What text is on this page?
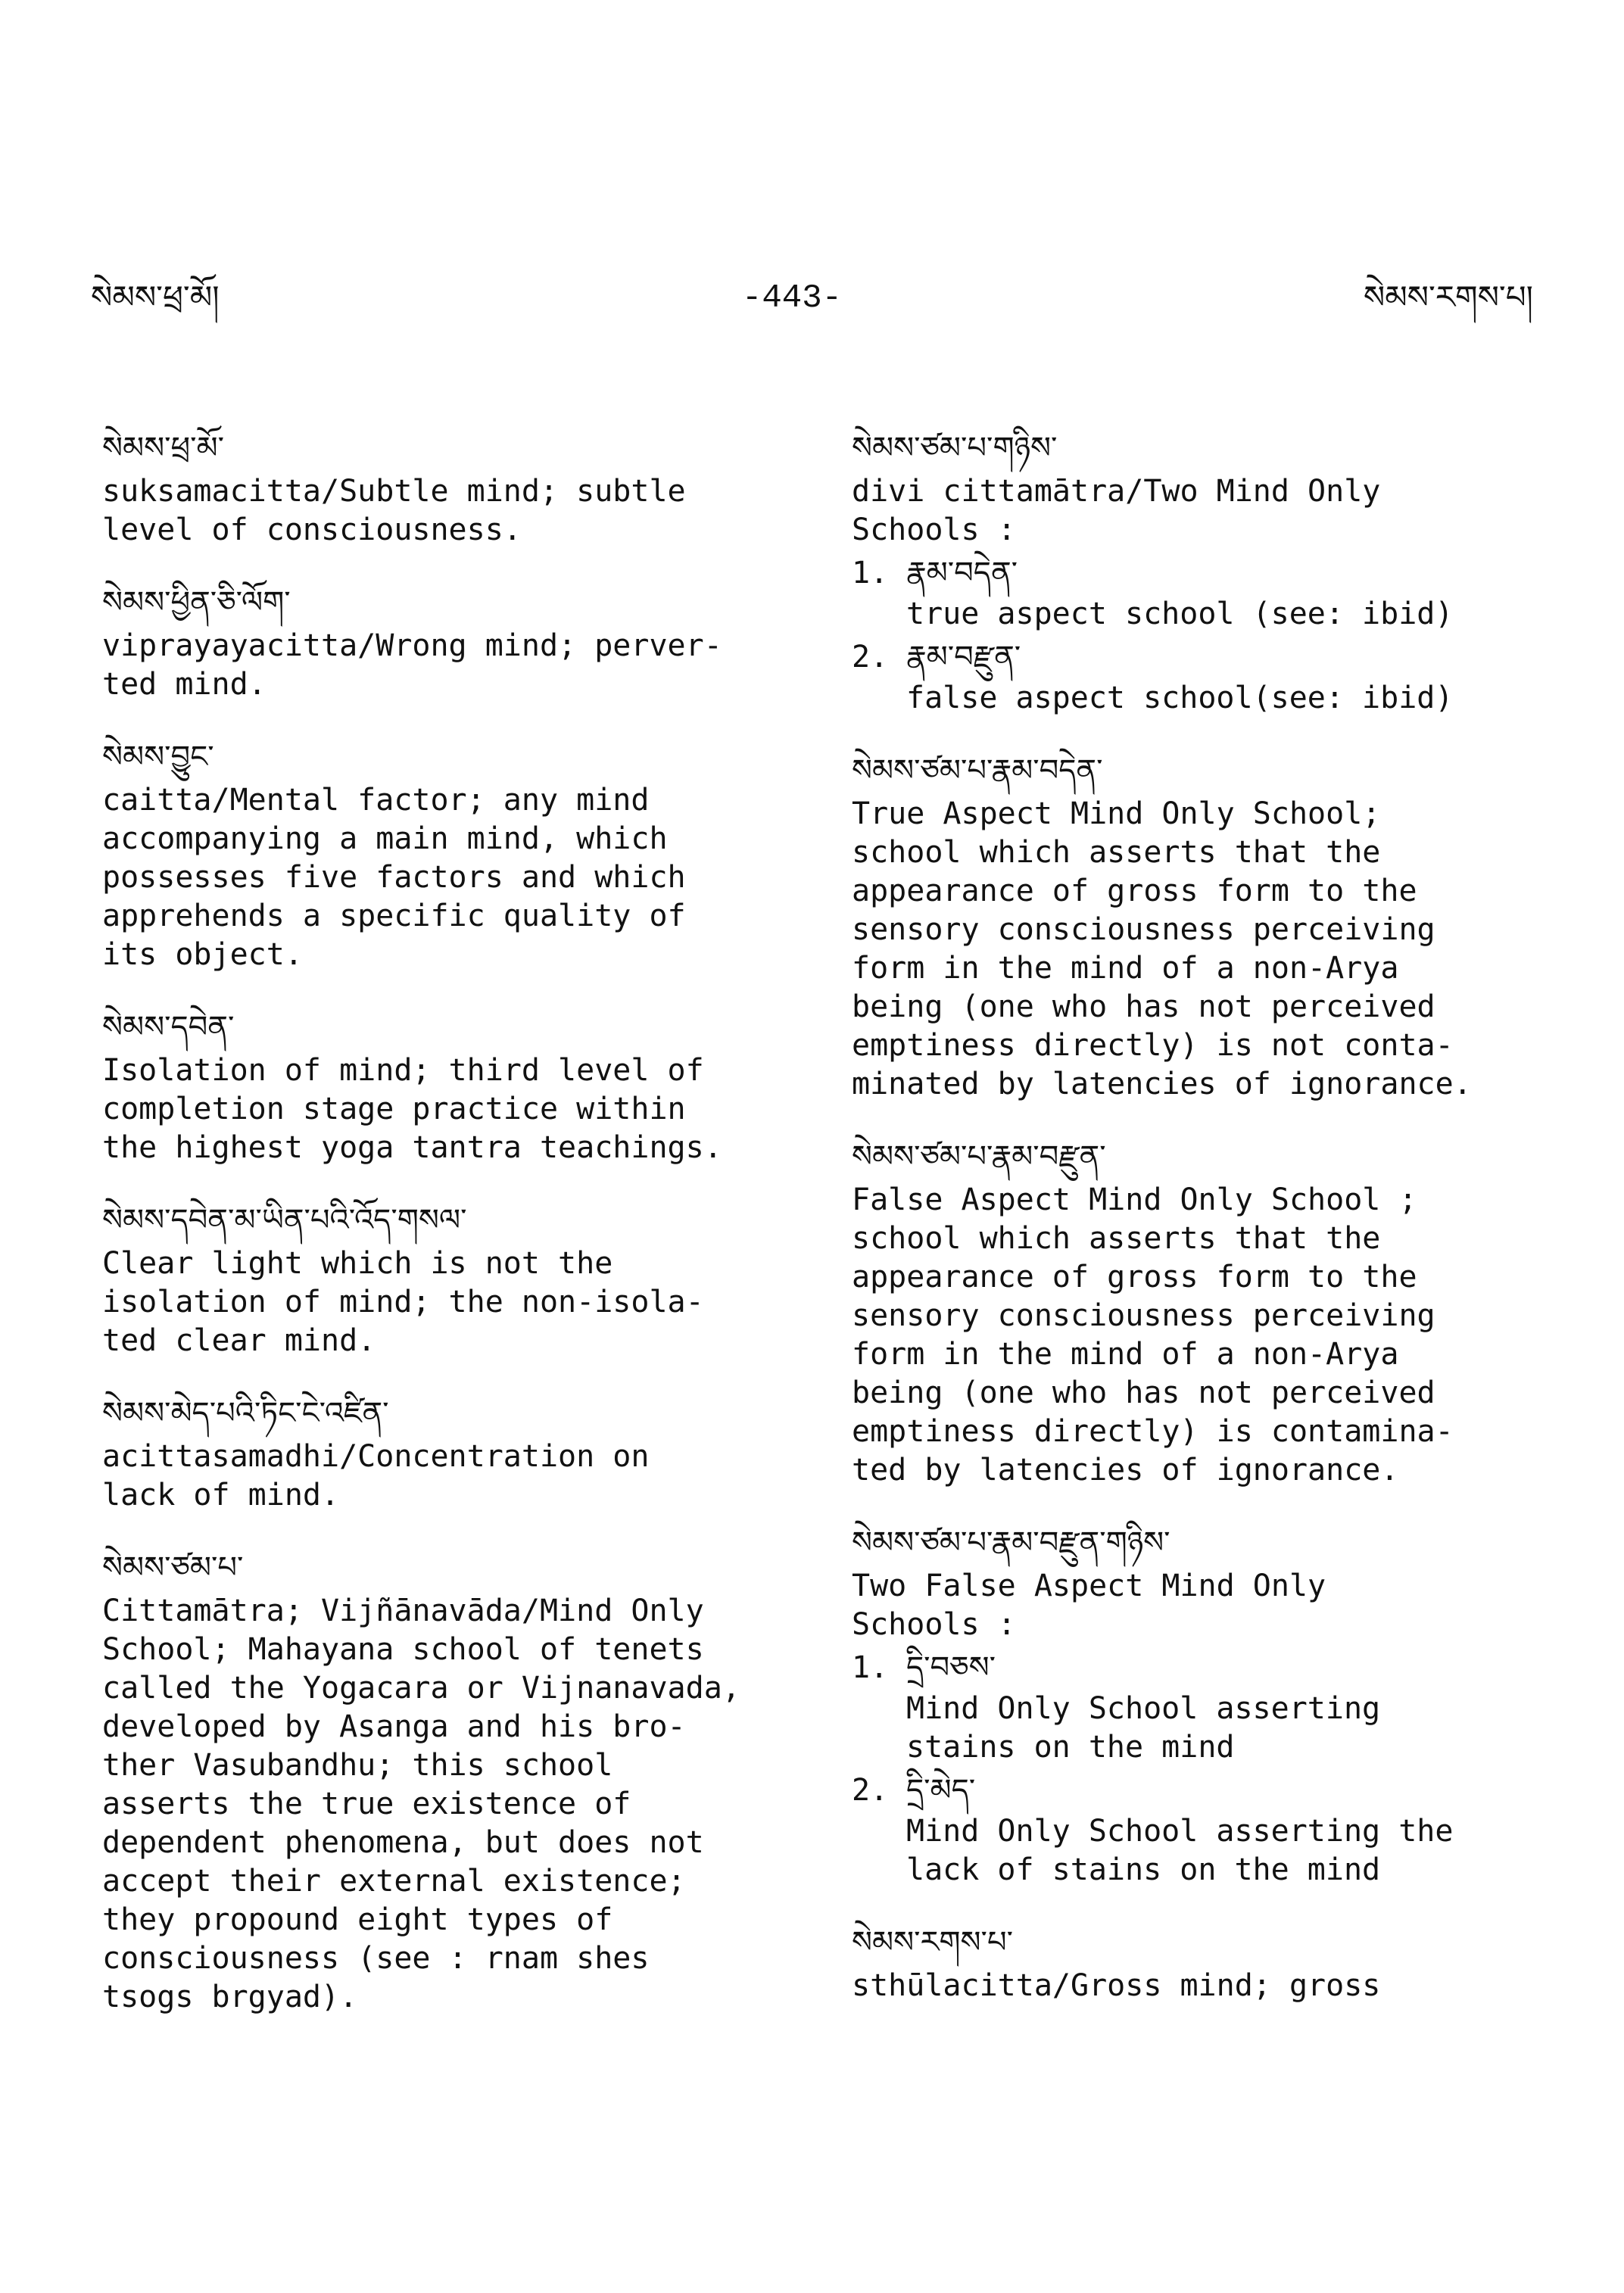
སེམས་ཕྲ་མོ།	-443-	སེམས་རགས་པ།
སེམས་ཕྲ་མོ་
suksamacitta/Subtle mind; subtle
level of consciousness.
སེམས་ཕྱིན་ཅི་ལོག་
viprayayacitta/Wrong mind; perver-
ted mind.
སེམས་བྱུང་
caitta/Mental factor; any mind
accompanying a main mind, which
possesses five factors and which
apprehends a specific quality of
its object.
སེམས་དབེན་
Isolation of mind; third level of
completion stage practice within
the highest yoga tantra teachings.
སེམས་དབེན་མ་ཡིན་པའི་འོད་གསལ་
Clear light which is not the
isolation of mind; the non-isola-
ted clear mind.
སེམས་མེད་པའི་ཏིང་ངེ་འཛིན་
acittasamadhi/Concentration on
lack of mind.
སེམས་ཙམ་པ་
Cittamātra; Vijñānavāda/Mind Only
School; Mahayana school of tenets
called the Yogacara or Vijnanavada,
developed by Asanga and his bro-
ther Vasubandhu; this school
asserts the true existence of
dependent phenomena, but does not
accept their external existence;
they propound eight types of
consciousness (see : rnam shes
tsogs brgyad).
སེམས་ཙམ་པ་གཉིས་
divi cittamātra/Two Mind Only
Schools :
1. རྣམ་བདེན་
true aspect school (see: ibid)
2. རྣམ་བརྫུན་
false aspect school(see: ibid)
སེམས་ཙམ་པ་རྣམ་བདེན་
True Aspect Mind Only School;
school which asserts that the
appearance of gross form to the
sensory consciousness perceiving
form in the mind of a non-Arya
being (one who has not perceived
emptiness directly) is not conta-
minated by latencies of ignorance.
སེམས་ཙམ་པ་རྣམ་བརྫུན་
False Aspect Mind Only School ;
school which asserts that the
appearance of gross form to the
sensory consciousness perceiving
form in the mind of a non-Arya
being (one who has not perceived
emptiness directly) is contamina-
ted by latencies of ignorance.
སེམས་ཙམ་པ་རྣམ་བརྫུན་གཉིས་
Two False Aspect Mind Only
Schools :
1. དྲི་བཅས་
Mind Only School asserting
stains on the mind
2. དྲི་མེད་
Mind Only School asserting the
lack of stains on the mind
སེམས་རགས་པ་
sthūlacitta/Gross mind; gross
